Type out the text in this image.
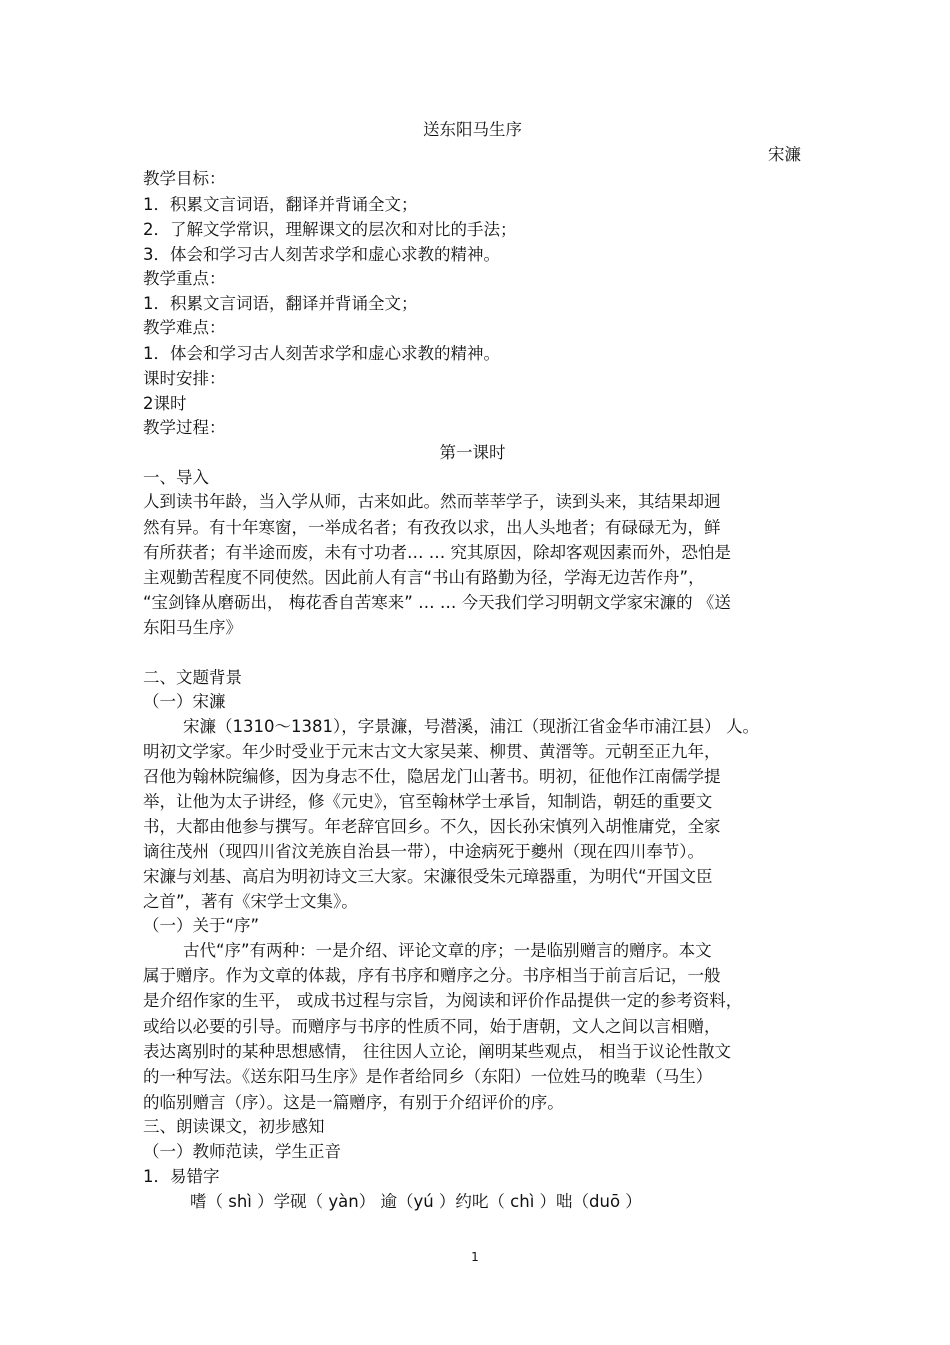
送东阳马生序
宋濂
教学目标：
1．积累文言词语，翻译并背诵全文；
2．了解文学常识，理解课文的层次和对比的手法；
3．体会和学习古人刻苦求学和虚心求教的精神。
教学重点：
1．积累文言词语，翻译并背诵全文；
教学难点：
1．体会和学习古人刻苦求学和虚心求教的精神。
课时安排：
2课时
教学过程：
第一课时
一、导入
人到读书年龄，当入学从师，古来如此。然而莘莘学子，读到头来，其结果却迥
然有异。有十年寒窗，一举成名者；有孜孜以求，出人头地者；有碌碌无为，鲜
有所获者；有半途而废，未有寸功者… … 究其原因，除却客观因素而外，恐怕是
主观勤苦程度不同使然。因此前人有言“书山有路勤为径，学海无边苦作舟”，
“宝剑锋从磨砺出， 梅花香自苦寒来” … … 今天我们学习明朝文学家宋濂的 《送
东阳马生序》
二、文题背景
（一）宋濂
宋濂（1310～1381），字景濂，号潜溪，浦江（现浙江省金华市浦江县） 人。
明初文学家。年少时受业于元末古文大家吴莱、柳贯、黄溍等。元朝至正九年，
召他为翰林院编修，因为身志不仕，隐居龙门山著书。明初，征他作江南儒学提
举，让他为太子讲经，修《元史》，官至翰林学士承旨，知制诰，朝廷的重要文
书，大都由他参与撰写。年老辞官回乡。不久，因长孙宋慎列入胡惟庸党，全家
谪往茂州（现四川省汶羌族自治县一带），中途病死于夔州（现在四川奉节）。
宋濂与刘基、高启为明初诗文三大家。宋濂很受朱元璋器重，为明代“开国文臣
之首”，著有《宋学士文集》。
（一）关于“序”
古代“序”有两种：一是介绍、评论文章的序；一是临别赠言的赠序。本文
属于赠序。作为文章的体裁，序有书序和赠序之分。书序相当于前言后记，一般
是介绍作家的生平， 或成书过程与宗旨，为阅读和评价作品提供一定的参考资料，
或给以必要的引导。而赠序与书序的性质不同，始于唐朝，文人之间以言相赠，
表达离别时的某种思想感情， 往往因人立论，阐明某些观点， 相当于议论性散文
的一种写法。《送东阳马生序》是作者给同乡（东阳）一位姓马的晚辈（马生）
的临别赠言（序）。这是一篇赠序，有别于介绍评价的序。
三、朗读课文，初步感知
（一）教师范读，学生正音
1．易错字
嗜（ shì ）学砚（ yàn） 逾（yú ）约叱（ chì ）咄（duō ）
1
